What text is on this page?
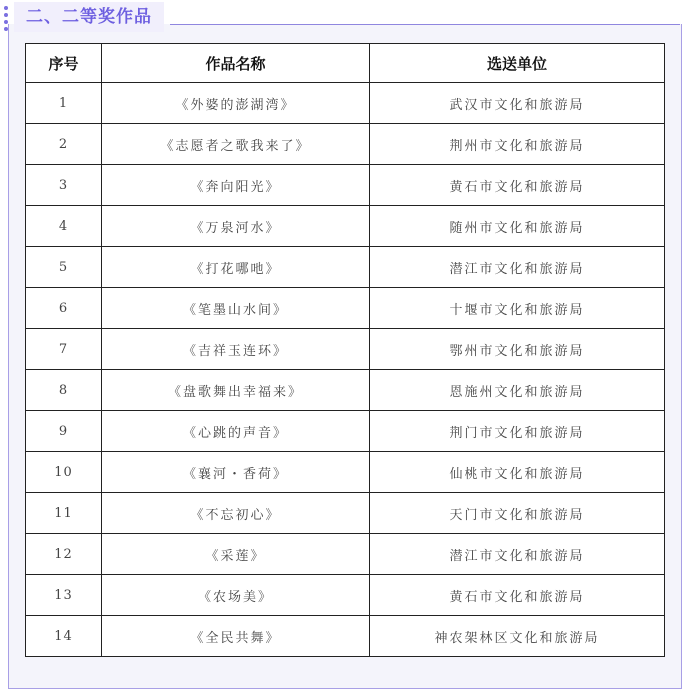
二、二等奖作品
序号	作品名称	选送单位
1	《外婆的澎湖湾》	武汉市文化和旅游局
2	《志愿者之歌我来了》	荆州市文化和旅游局
3	《奔向阳光》	黄石市文化和旅游局
4	《万泉河水》	随州市文化和旅游局
5	《打花哪吔》	潜江市文化和旅游局
6	《笔墨山水间》	十堰市文化和旅游局
7	《吉祥玉连环》	鄂州市文化和旅游局
8	《盘歌舞出幸福来》	恩施州文化和旅游局
9	《心跳的声音》	荆门市文化和旅游局
10	《襄河・香荷》	仙桃市文化和旅游局
11	《不忘初心》	天门市文化和旅游局
12	《采莲》	潜江市文化和旅游局
13	《农场美》	黄石市文化和旅游局
14	《全民共舞》	神农架林区文化和旅游局
